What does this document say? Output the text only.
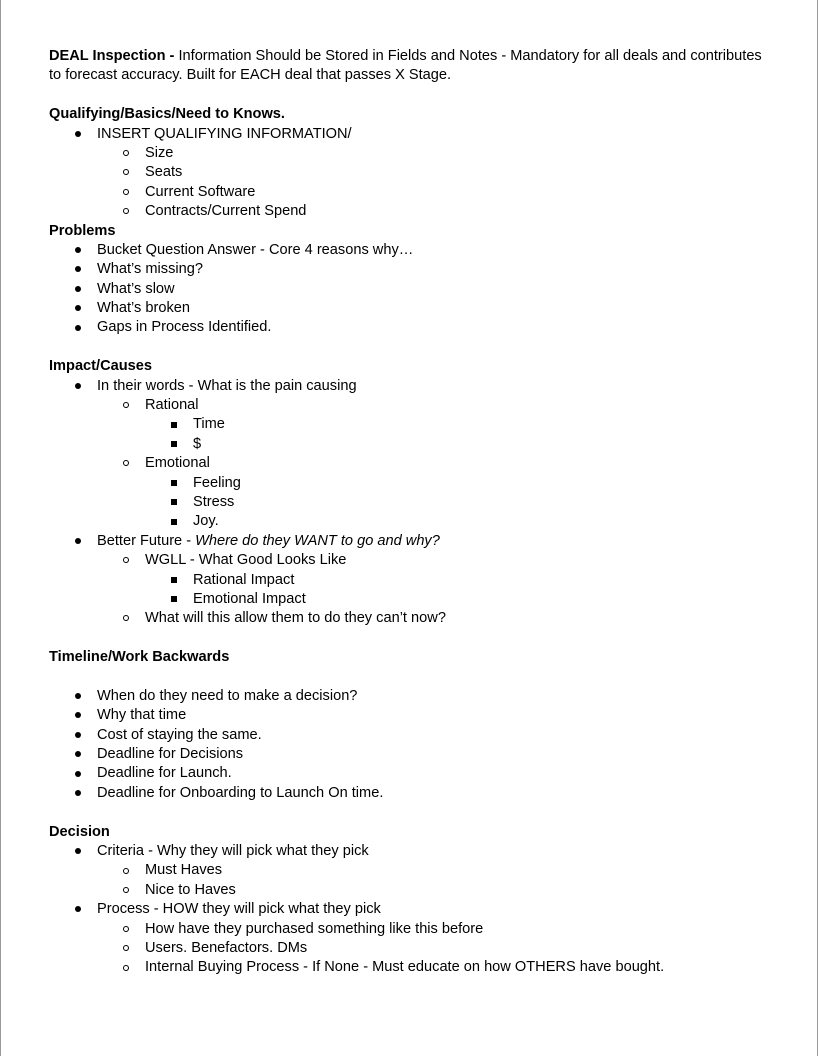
DEAL Inspection - Information Should be Stored in Fields and Notes - Mandatory for all deals and contributes
to forecast accuracy. Built for EACH deal that passes X Stage.
Qualifying/Basics/Need to Knows.
INSERT QUALIFYING INFORMATION/
Size
Seats
Current Software
Contracts/Current Spend
Problems
Bucket Question Answer - Core 4 reasons why…
What’s missing?
What’s slow
What’s broken
Gaps in Process Identified.
Impact/Causes
In their words - What is the pain causing
Rational
Time
$
Emotional
Feeling
Stress
Joy.
Better Future - Where do they WANT to go and why?
WGLL - What Good Looks Like
Rational Impact
Emotional Impact
What will this allow them to do they can’t now?
Timeline/Work Backwards
When do they need to make a decision?
Why that time
Cost of staying the same.
Deadline for Decisions
Deadline for Launch.
Deadline for Onboarding to Launch On time.
Decision
Criteria - Why they will pick what they pick
Must Haves
Nice to Haves
Process - HOW they will pick what they pick
How have they purchased something like this before
Users. Benefactors. DMs
Internal Buying Process - If None - Must educate on how OTHERS have bought.
